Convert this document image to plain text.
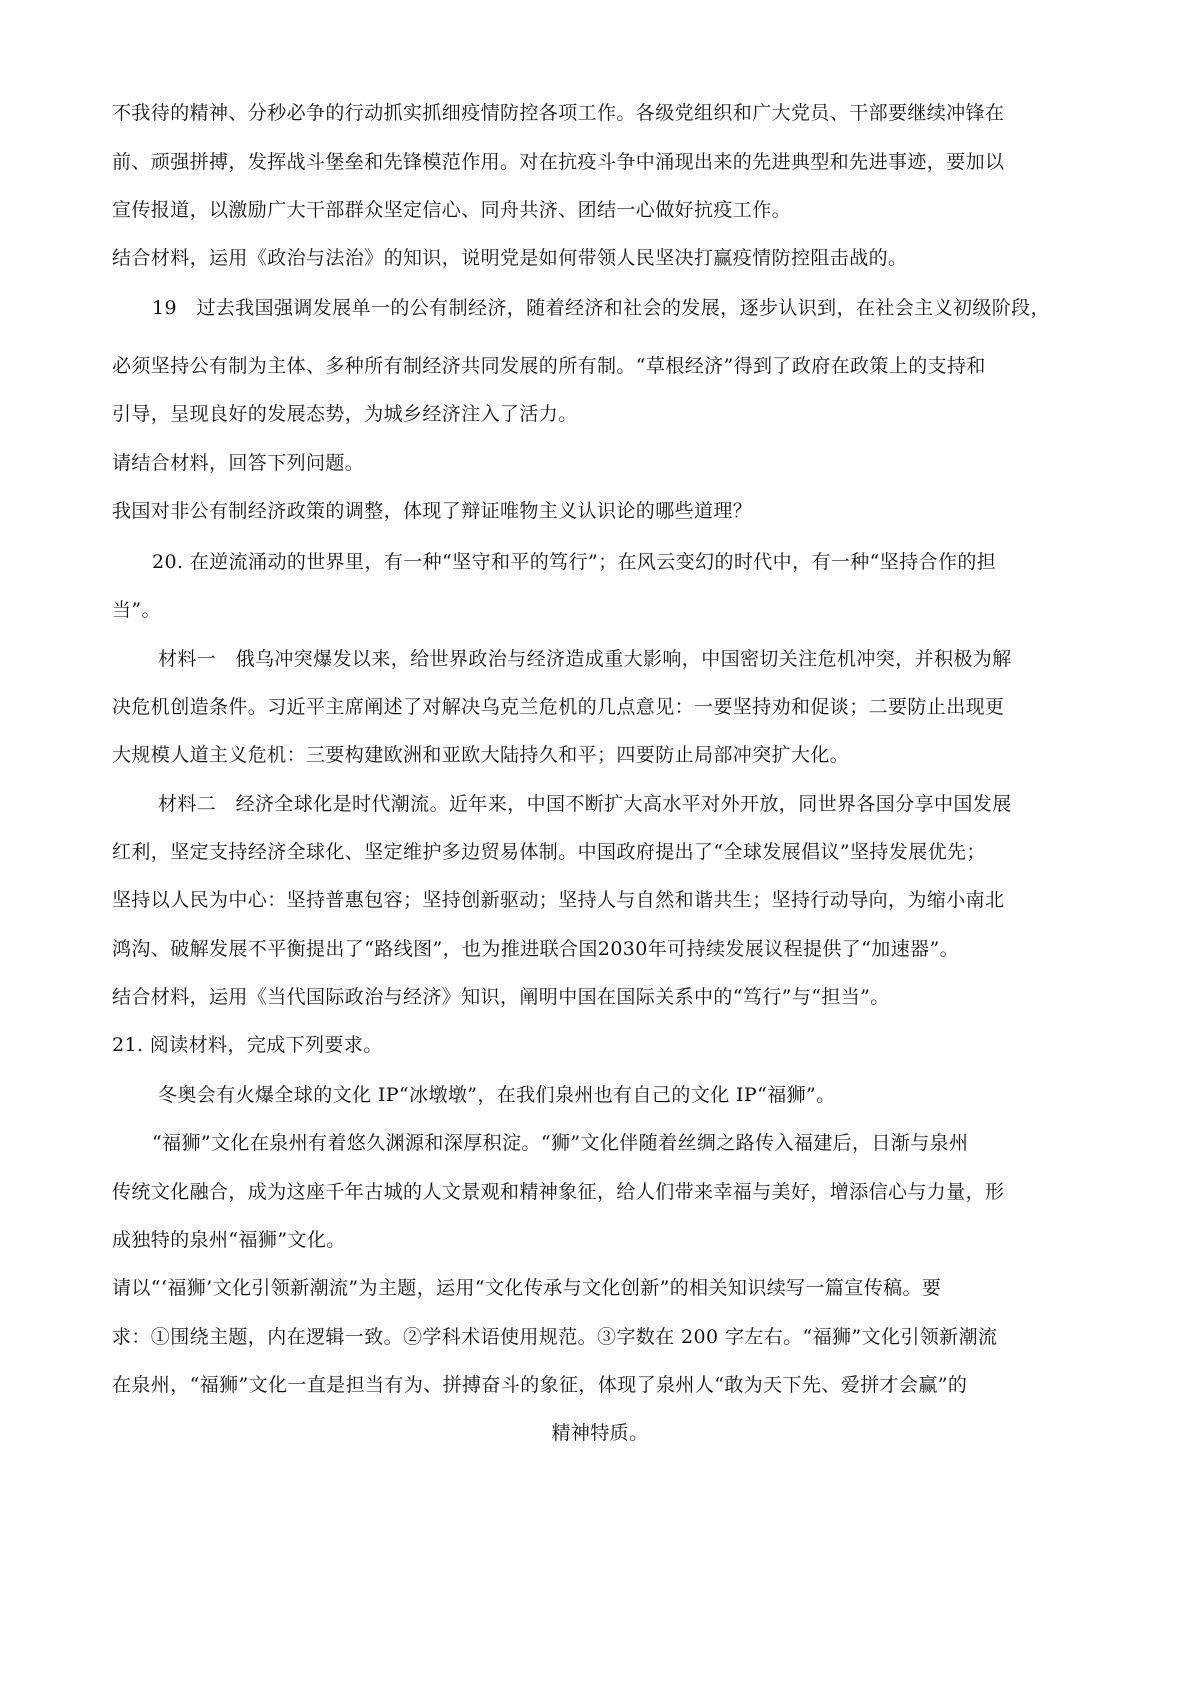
不我待的精神、分秒必争的行动抓实抓细疫情防控各项工作。各级党组织和广大党员、干部要继续冲锋在

前、顽强拼搏，发挥战斗堡垒和先锋模范作用。对在抗疫斗争中涌现出来的先进典型和先进事迹，要加以

宣传报道，以激励广大干部群众坚定信心、同舟共济、团结一心做好抗疫工作。

结合材料，运用《政治与法治》的知识，说明党是如何带领人民坚决打赢疫情防控阻击战的。

19　过去我国强调发展单一的公有制经济，随着经济和社会的发展，逐步认识到，在社会主义初级阶段，

必须坚持公有制为主体、多种所有制经济共同发展的所有制。“草根经济”得到了政府在政策上的支持和

引导，呈现良好的发展态势，为城乡经济注入了活力。

请结合材料，回答下列问题。

我国对非公有制经济政策的调整，体现了辩证唯物主义认识论的哪些道理？

20. 在逆流涌动的世界里，有一种“坚守和平的笃行”；在风云变幻的时代中，有一种“坚持合作的担

当”。

材料一　俄乌冲突爆发以来，给世界政治与经济造成重大影响，中国密切关注危机冲突，并积极为解

决危机创造条件。习近平主席阐述了对解决乌克兰危机的几点意见：一要坚持劝和促谈；二要防止出现更

大规模人道主义危机：三要构建欧洲和亚欧大陆持久和平；四要防止局部冲突扩大化。

材料二　经济全球化是时代潮流。近年来，中国不断扩大高水平对外开放，同世界各国分享中国发展

红利，坚定支持经济全球化、坚定维护多边贸易体制。中国政府提出了“全球发展倡议”坚持发展优先；

坚持以人民为中心：坚持普惠包容；坚持创新驱动；坚持人与自然和谐共生；坚持行动导向，为缩小南北

鸿沟、破解发展不平衡提出了“路线图”，也为推进联合国2030年可持续发展议程提供了“加速器”。

结合材料，运用《当代国际政治与经济》知识，阐明中国在国际关系中的“笃行”与“担当”。

21. 阅读材料，完成下列要求。

冬奥会有火爆全球的文化 IP“冰墩墩”，在我们泉州也有自己的文化 IP“福狮”。

“福狮”文化在泉州有着悠久渊源和深厚积淀。“狮”文化伴随着丝绸之路传入福建后，日渐与泉州

传统文化融合，成为这座千年古城的人文景观和精神象征，给人们带来幸福与美好，增添信心与力量，形

成独特的泉州“福狮”文化。

请以“‘福狮’文化引领新潮流”为主题，运用“文化传承与文化创新”的相关知识续写一篇宣传稿。要

求：①围绕主题，内在逻辑一致。②学科术语使用规范。③字数在 200 字左右。“福狮”文化引领新潮流

在泉州，“福狮”文化一直是担当有为、拼搏奋斗的象征，体现了泉州人“敢为天下先、爱拼才会赢”的

精神特质。
